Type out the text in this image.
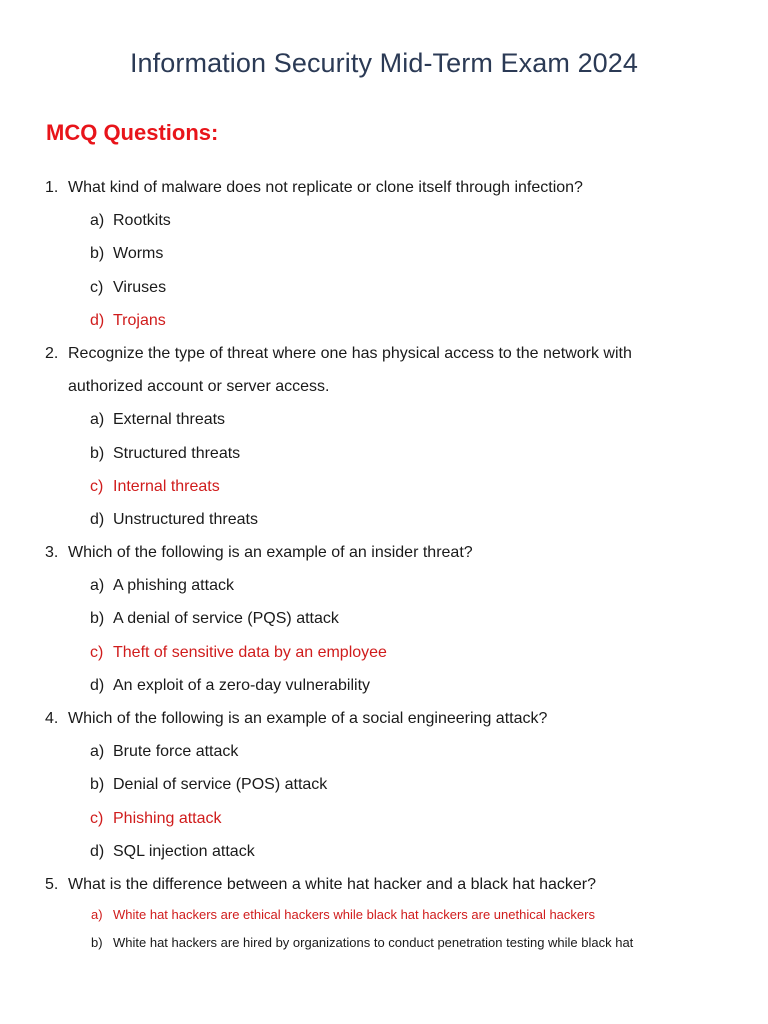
Information Security Mid-Term Exam 2024
MCQ Questions:
1. What kind of malware does not replicate or clone itself through infection?
a) Rootkits
b) Worms
c) Viruses
d) Trojans
2. Recognize the type of threat where one has physical access to the network with
authorized account or server access.
a) External threats
b) Structured threats
c) Internal threats
d) Unstructured threats
3. Which of the following is an example of an insider threat?
a) A phishing attack
b) A denial of service (PQS) attack
c) Theft of sensitive data by an employee
d) An exploit of a zero-day vulnerability
4. Which of the following is an example of a social engineering attack?
a) Brute force attack
b) Denial of service (POS) attack
c) Phishing attack
d) SQL injection attack
5. What is the difference between a white hat hacker and a black hat hacker?
a) White hat hackers are ethical hackers while black hat hackers are unethical hackers
b) White hat hackers are hired by organizations to conduct penetration testing while black hat
